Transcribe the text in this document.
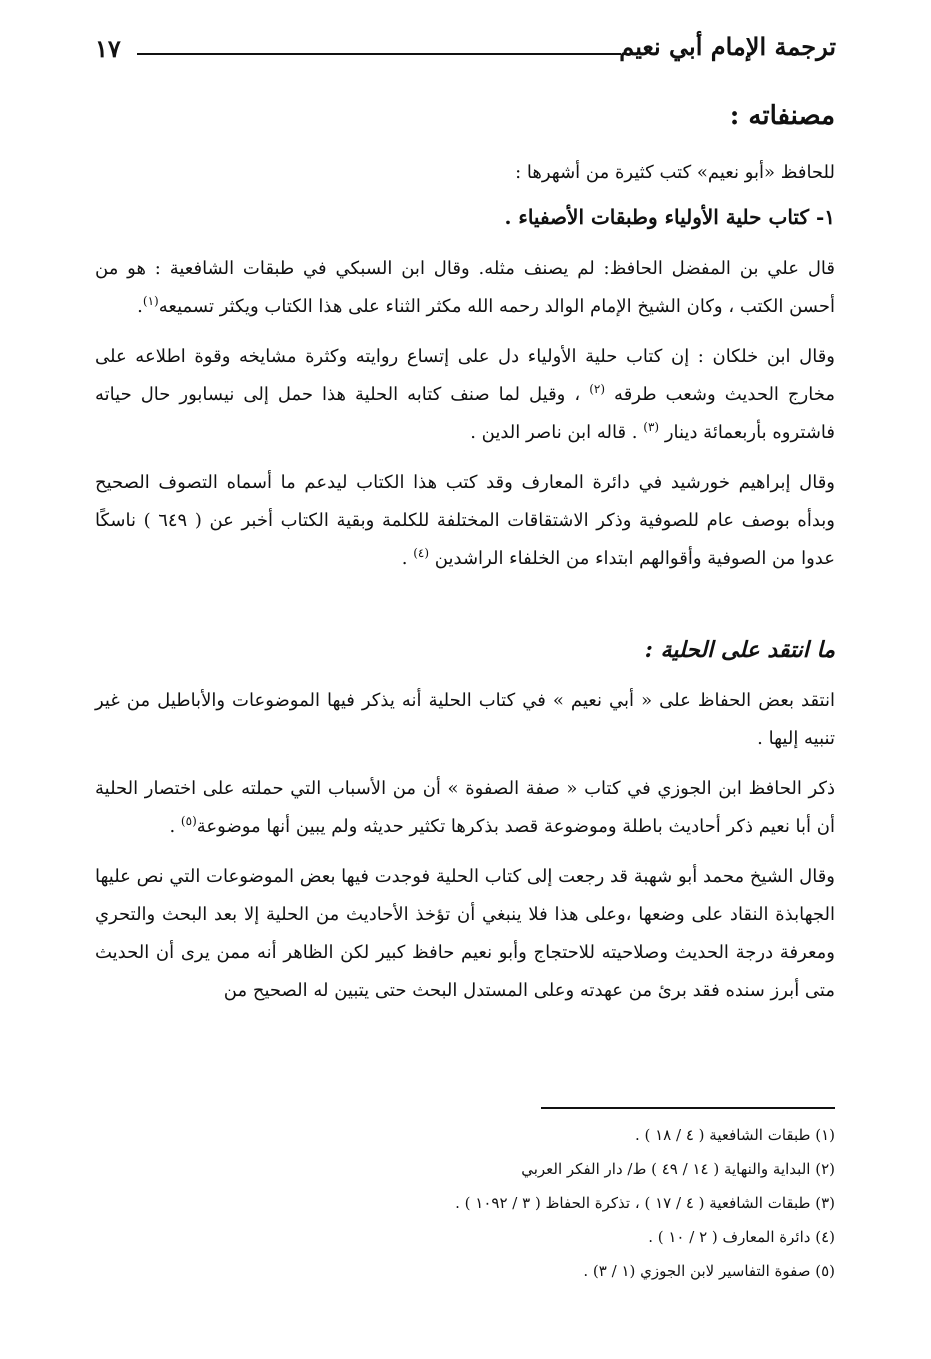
١٧	ترجمة الإمام أبي نعيم
مصنفاته :

للحافظ «أبو نعيم» كتب كثيرة من أشهرها :

١- كتاب حلية الأولياء وطبقات الأصفياء .

قال علي بن المفضل الحافظ: لم يصنف مثله. وقال ابن السبكي في طبقات الشافعية : هو من أحسن الكتب ، وكان الشيخ الإمام الوالد رحمه الله مكثر الثناء على هذا الكتاب ويكثر تسميعه$^{(١)}$.

وقال ابن خلكان : إن كتاب حلية الأولياء دل على إتساع روايته وكثرة مشايخه وقوة اطلاعه على مخارج الحديث وشعب طرقه $^{(٢)}$ ، وقيل لما صنف كتابه الحلية هذا حمل إلى نيسابور حال حياته فاشتروه بأربعمائة دينار $^{(٣)}$ . قاله ابن ناصر الدين .

وقال إبراهيم خورشيد في دائرة المعارف وقد كتب هذا الكتاب ليدعم ما أسماه التصوف الصحيح وبدأه بوصف عام للصوفية وذكر الاشتقاقات المختلفة للكلمة وبقية الكتاب أخبر عن ( ٦٤٩ ) ناسكًا عدوا من الصوفية وأقوالهم ابتداء من الخلفاء الراشدين $^{(٤)}$ .

ما انتقد على الحلية :

انتقد بعض الحفاظ على « أبي نعيم » في كتاب الحلية أنه يذكر فيها الموضوعات والأباطيل من غير تنبيه إليها .

ذكر الحافظ ابن الجوزي في كتاب « صفة الصفوة » أن من الأسباب التي حملته على اختصار الحلية أن أبا نعيم ذكر أحاديث باطلة وموضوعة قصد بذكرها تكثير حديثه ولم يبين أنها موضوعة$^{(٥)}$ .

وقال الشيخ محمد أبو شهبة قد رجعت إلى كتاب الحلية فوجدت فيها بعض الموضوعات التي نص عليها الجهابذة النقاد على وضعها ،وعلى هذا فلا ينبغي أن تؤخذ الأحاديث من الحلية إلا بعد البحث والتحري ومعرفة درجة الحديث وصلاحيته للاحتجاج وأبو نعيم حافظ كبير لكن الظاهر أنه ممن يرى أن الحديث متى أبرز سنده فقد برئ من عهدته وعلى المستدل البحث حتى يتبين له الصحيح من

(١) طبقات الشافعية ( ٤ / ١٨ ) .
(٢) البداية والنهاية ( ١٤ / ٤٩ ) ط/ دار الفكر العربي
(٣) طبقات الشافعية ( ٤ / ١٧ ) ، تذكرة الحفاظ ( ٣ / ١٠٩٢ ) .
(٤) دائرة المعارف ( ٢ / ١٠ ) .
(٥) صفوة التفاسير لابن الجوزي (١ / ٣) .
